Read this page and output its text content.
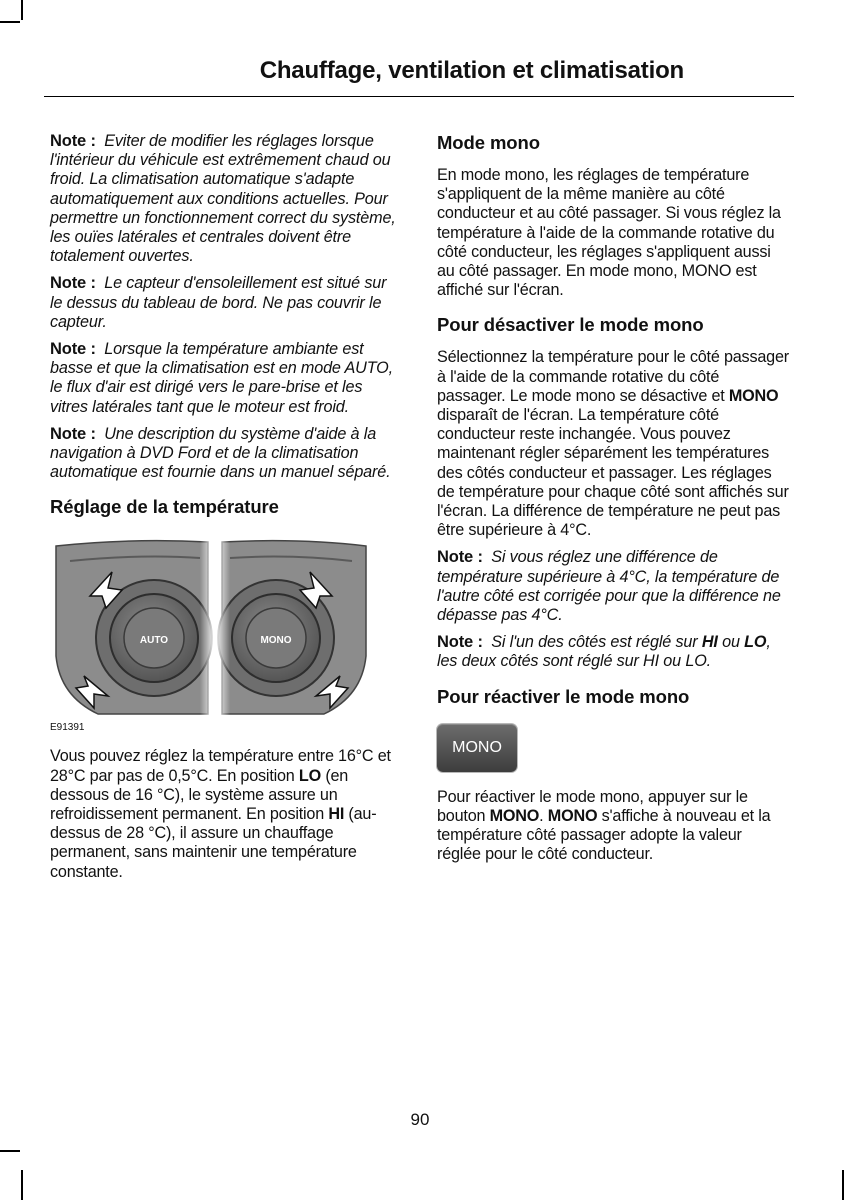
Chauffage, ventilation et climatisation

Note : Eviter de modifier les réglages lorsque l'intérieur du véhicule est extrêmement chaud ou froid. La climatisation automatique s'adapte automatiquement aux conditions actuelles. Pour permettre un fonctionnement correct du système, les ouïes latérales et centrales doivent être totalement ouvertes.

Note : Le capteur d'ensoleillement est situé sur le dessus du tableau de bord. Ne pas couvrir le capteur.

Note : Lorsque la température ambiante est basse et que la climatisation est en mode AUTO, le flux d'air est dirigé vers le pare-brise et les vitres latérales tant que le moteur est froid.

Note : Une description du système d'aide à la navigation à DVD Ford et de la climatisation automatique est fournie dans un manuel séparé.

Réglage de la température
AUTO	MONO
E91391

Vous pouvez réglez la température entre 16°C et 28°C par pas de 0,5°C. En position LO (en dessous de 16 °C), le système assure un refroidissement permanent. En position HI (au-dessus de 28 °C), il assure un chauffage permanent, sans maintenir une température constante.

Mode mono

En mode mono, les réglages de température s'appliquent de la même manière au côté conducteur et au côté passager. Si vous réglez la température à l'aide de la commande rotative du côté conducteur, les réglages s'appliquent aussi au côté passager. En mode mono, MONO est affiché sur l'écran.

Pour désactiver le mode mono

Sélectionnez la température pour le côté passager à l'aide de la commande rotative du côté passager. Le mode mono se désactive et MONO disparaît de l'écran. La température côté conducteur reste inchangée. Vous pouvez maintenant régler séparément les températures des côtés conducteur et passager. Les réglages de température pour chaque côté sont affichés sur l'écran. La différence de température ne peut pas être supérieure à 4°C.

Note : Si vous réglez une différence de température supérieure à 4°C, la température de l'autre côté est corrigée pour que la différence ne dépasse pas 4°C.

Note : Si l'un des côtés est réglé sur HI ou LO, les deux côtés sont réglé sur HI ou LO.

Pour réactiver le mode mono
MONO

Pour réactiver le mode mono, appuyer sur le bouton MONO. MONO s'affiche à nouveau et la température côté passager adopte la valeur réglée pour le côté conducteur.

90
